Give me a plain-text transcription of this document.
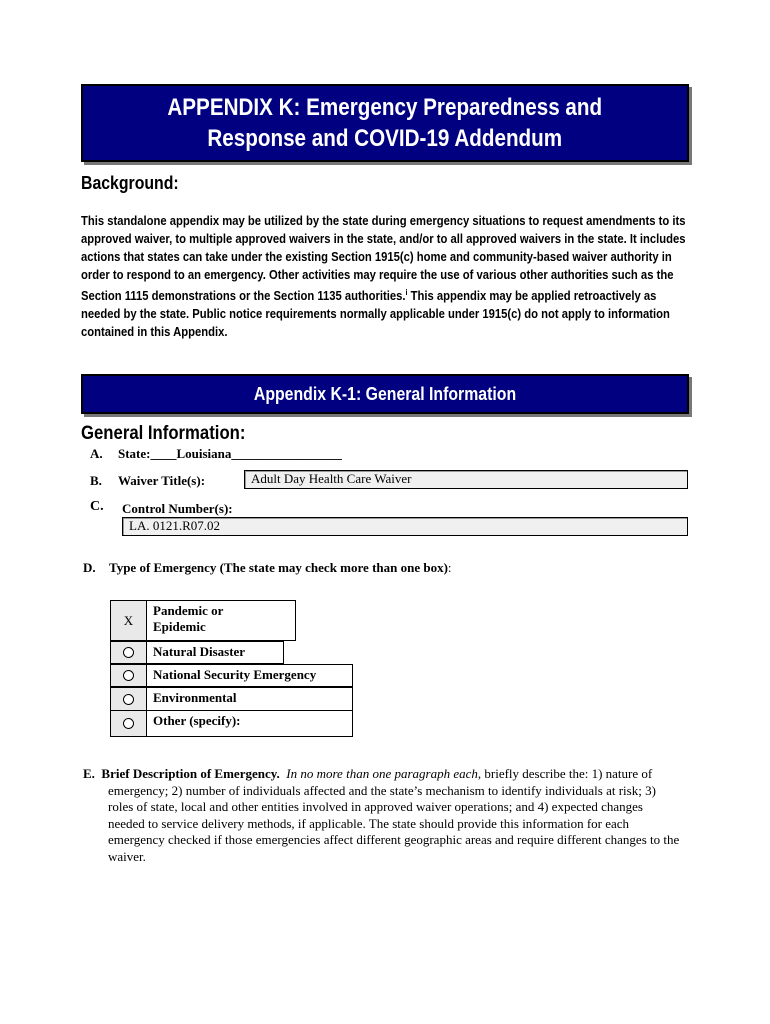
APPENDIX K: Emergency Preparedness and
Response and COVID-19 Addendum
Background:
This standalone appendix may be utilized by the state during emergency situations to request amendments to its approved waiver, to multiple approved waivers in the state, and/or to all approved waivers in the state. It includes actions that states can take under the existing Section 1915(c) home and community-based waiver authority in order to respond to an emergency. Other activities may require the use of various other authorities such as the Section 1115 demonstrations or the Section 1135 authorities.$^i$ This appendix may be applied retroactively as needed by the state. Public notice requirements normally applicable under 1915(c) do not apply to information contained in this Appendix.
Appendix K-1: General Information
General Information:
A. State:____Louisiana_________________
B. Waiver Title(s):	Adult Day Health Care Waiver
C. Control Number(s):
LA. 0121.R07.02
D. Type of Emergency (The state may check more than one box):
X
Pandemic or Epidemic
Natural Disaster
National Security Emergency
Environmental
Other (specify):
E. Brief Description of Emergency. In no more than one paragraph each, briefly describe the: 1) nature of emergency; 2) number of individuals affected and the state’s mechanism to identify individuals at risk; 3) roles of state, local and other entities involved in approved waiver operations; and 4) expected changes needed to service delivery methods, if applicable. The state should provide this information for each emergency checked if those emergencies affect different geographic areas and require different changes to the waiver.
